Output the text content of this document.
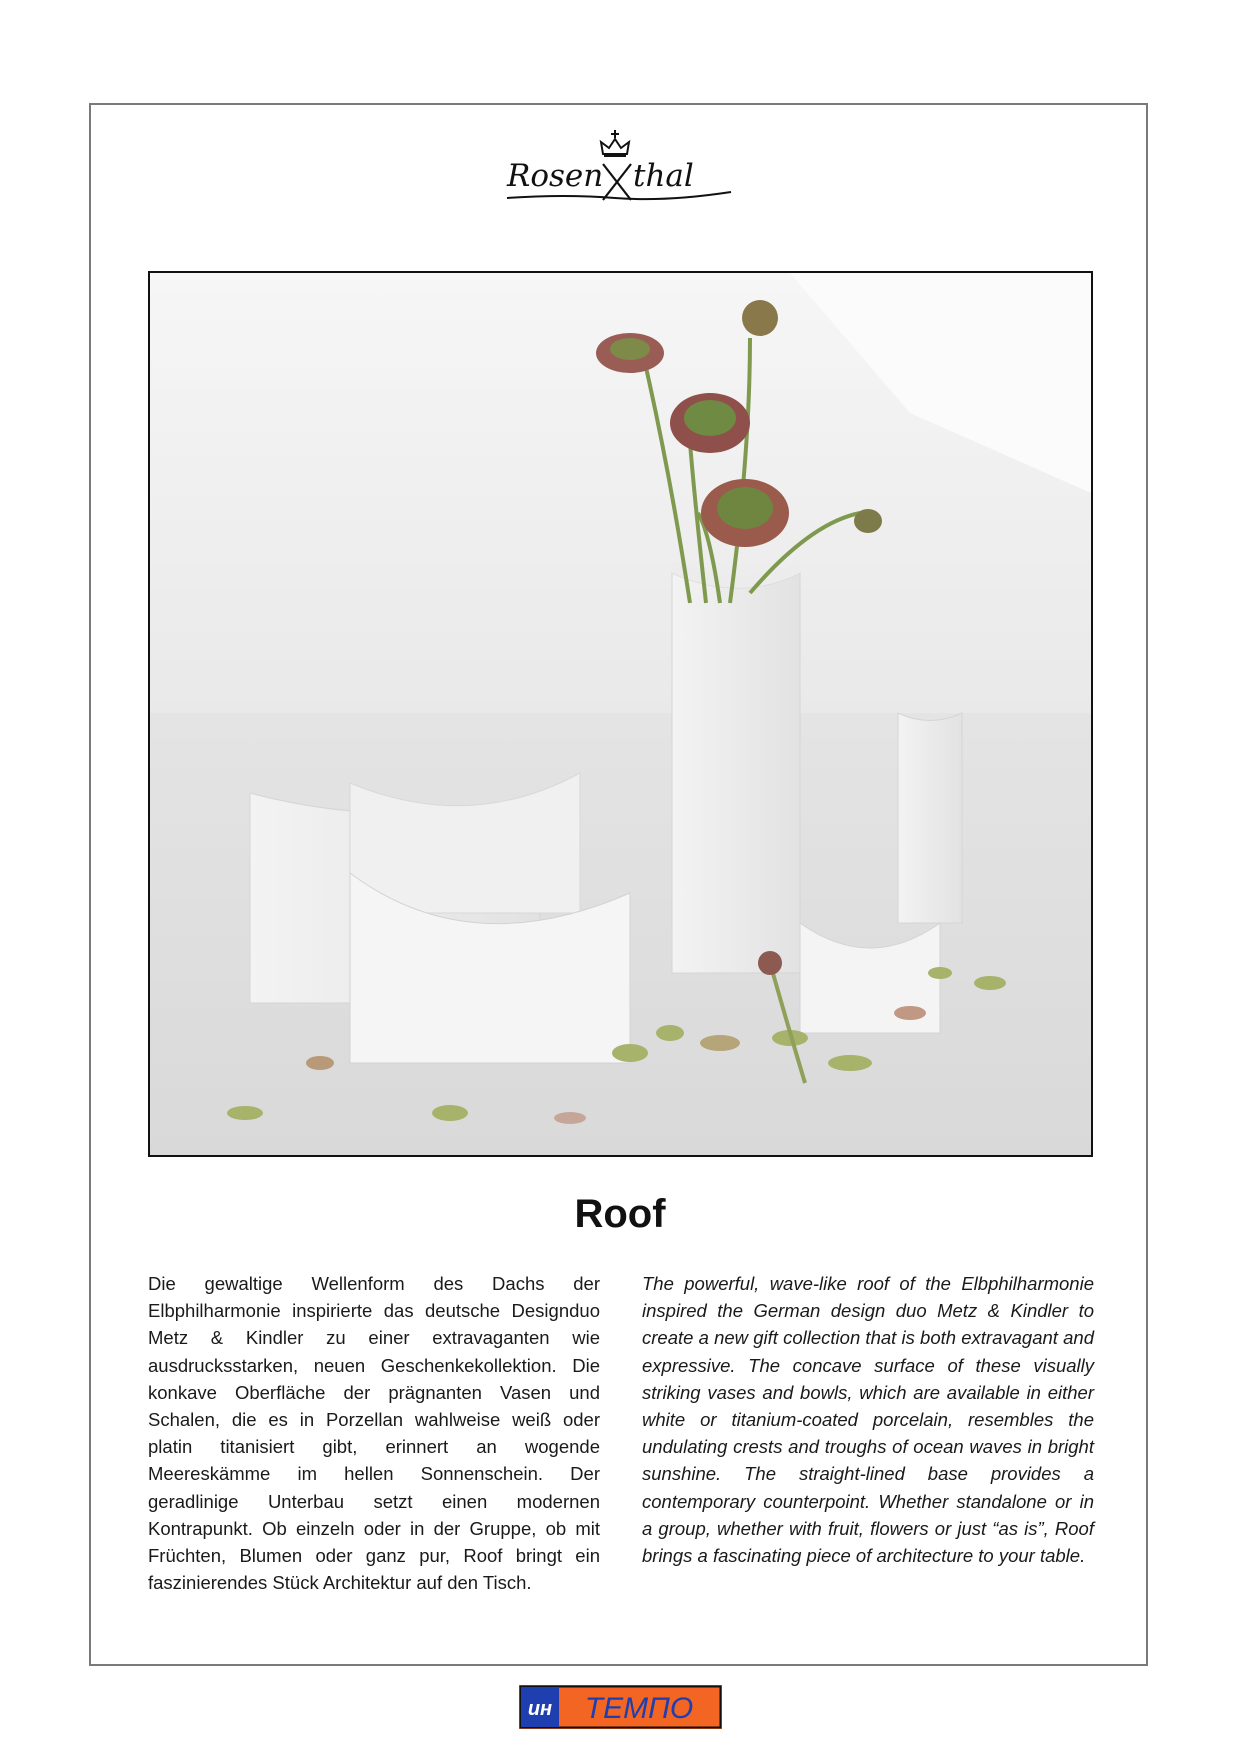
Rosen thal
Roof
Die gewaltige Wellenform des Dachs der Elbphilharmonie inspirierte das deutsche Designduo Metz & Kindler zu einer extravaganten wie ausdrucksstarken, neuen Geschenkekollektion. Die konkave Oberfläche der prägnanten Vasen und Schalen, die es in Porzellan wahlweise weiß oder platin titanisiert gibt, erinnert an wogende Meereskämme im hellen Sonnenschein. Der geradlinige Unterbau setzt einen modernen Kontrapunkt. Ob einzeln oder in der Gruppe, ob mit Früchten, Blumen oder ganz pur, Roof bringt ein faszinierendes Stück Architektur auf den Tisch.
The powerful, wave-like roof of the Elbphilharmonie inspired the German design duo Metz & Kindler to create a new gift collection that is both extravagant and expressive. The concave surface of these visually striking vases and bowls, which are available in either white or titanium-coated porcelain, resembles the undulating crests and troughs of ocean waves in bright sunshine. The straight-lined base provides a contemporary counterpoint. Whether standalone or in a group, whether with fruit, flowers or just “as is”, Roof brings a fascinating piece of architecture to your table.
ин ТЕМПО
